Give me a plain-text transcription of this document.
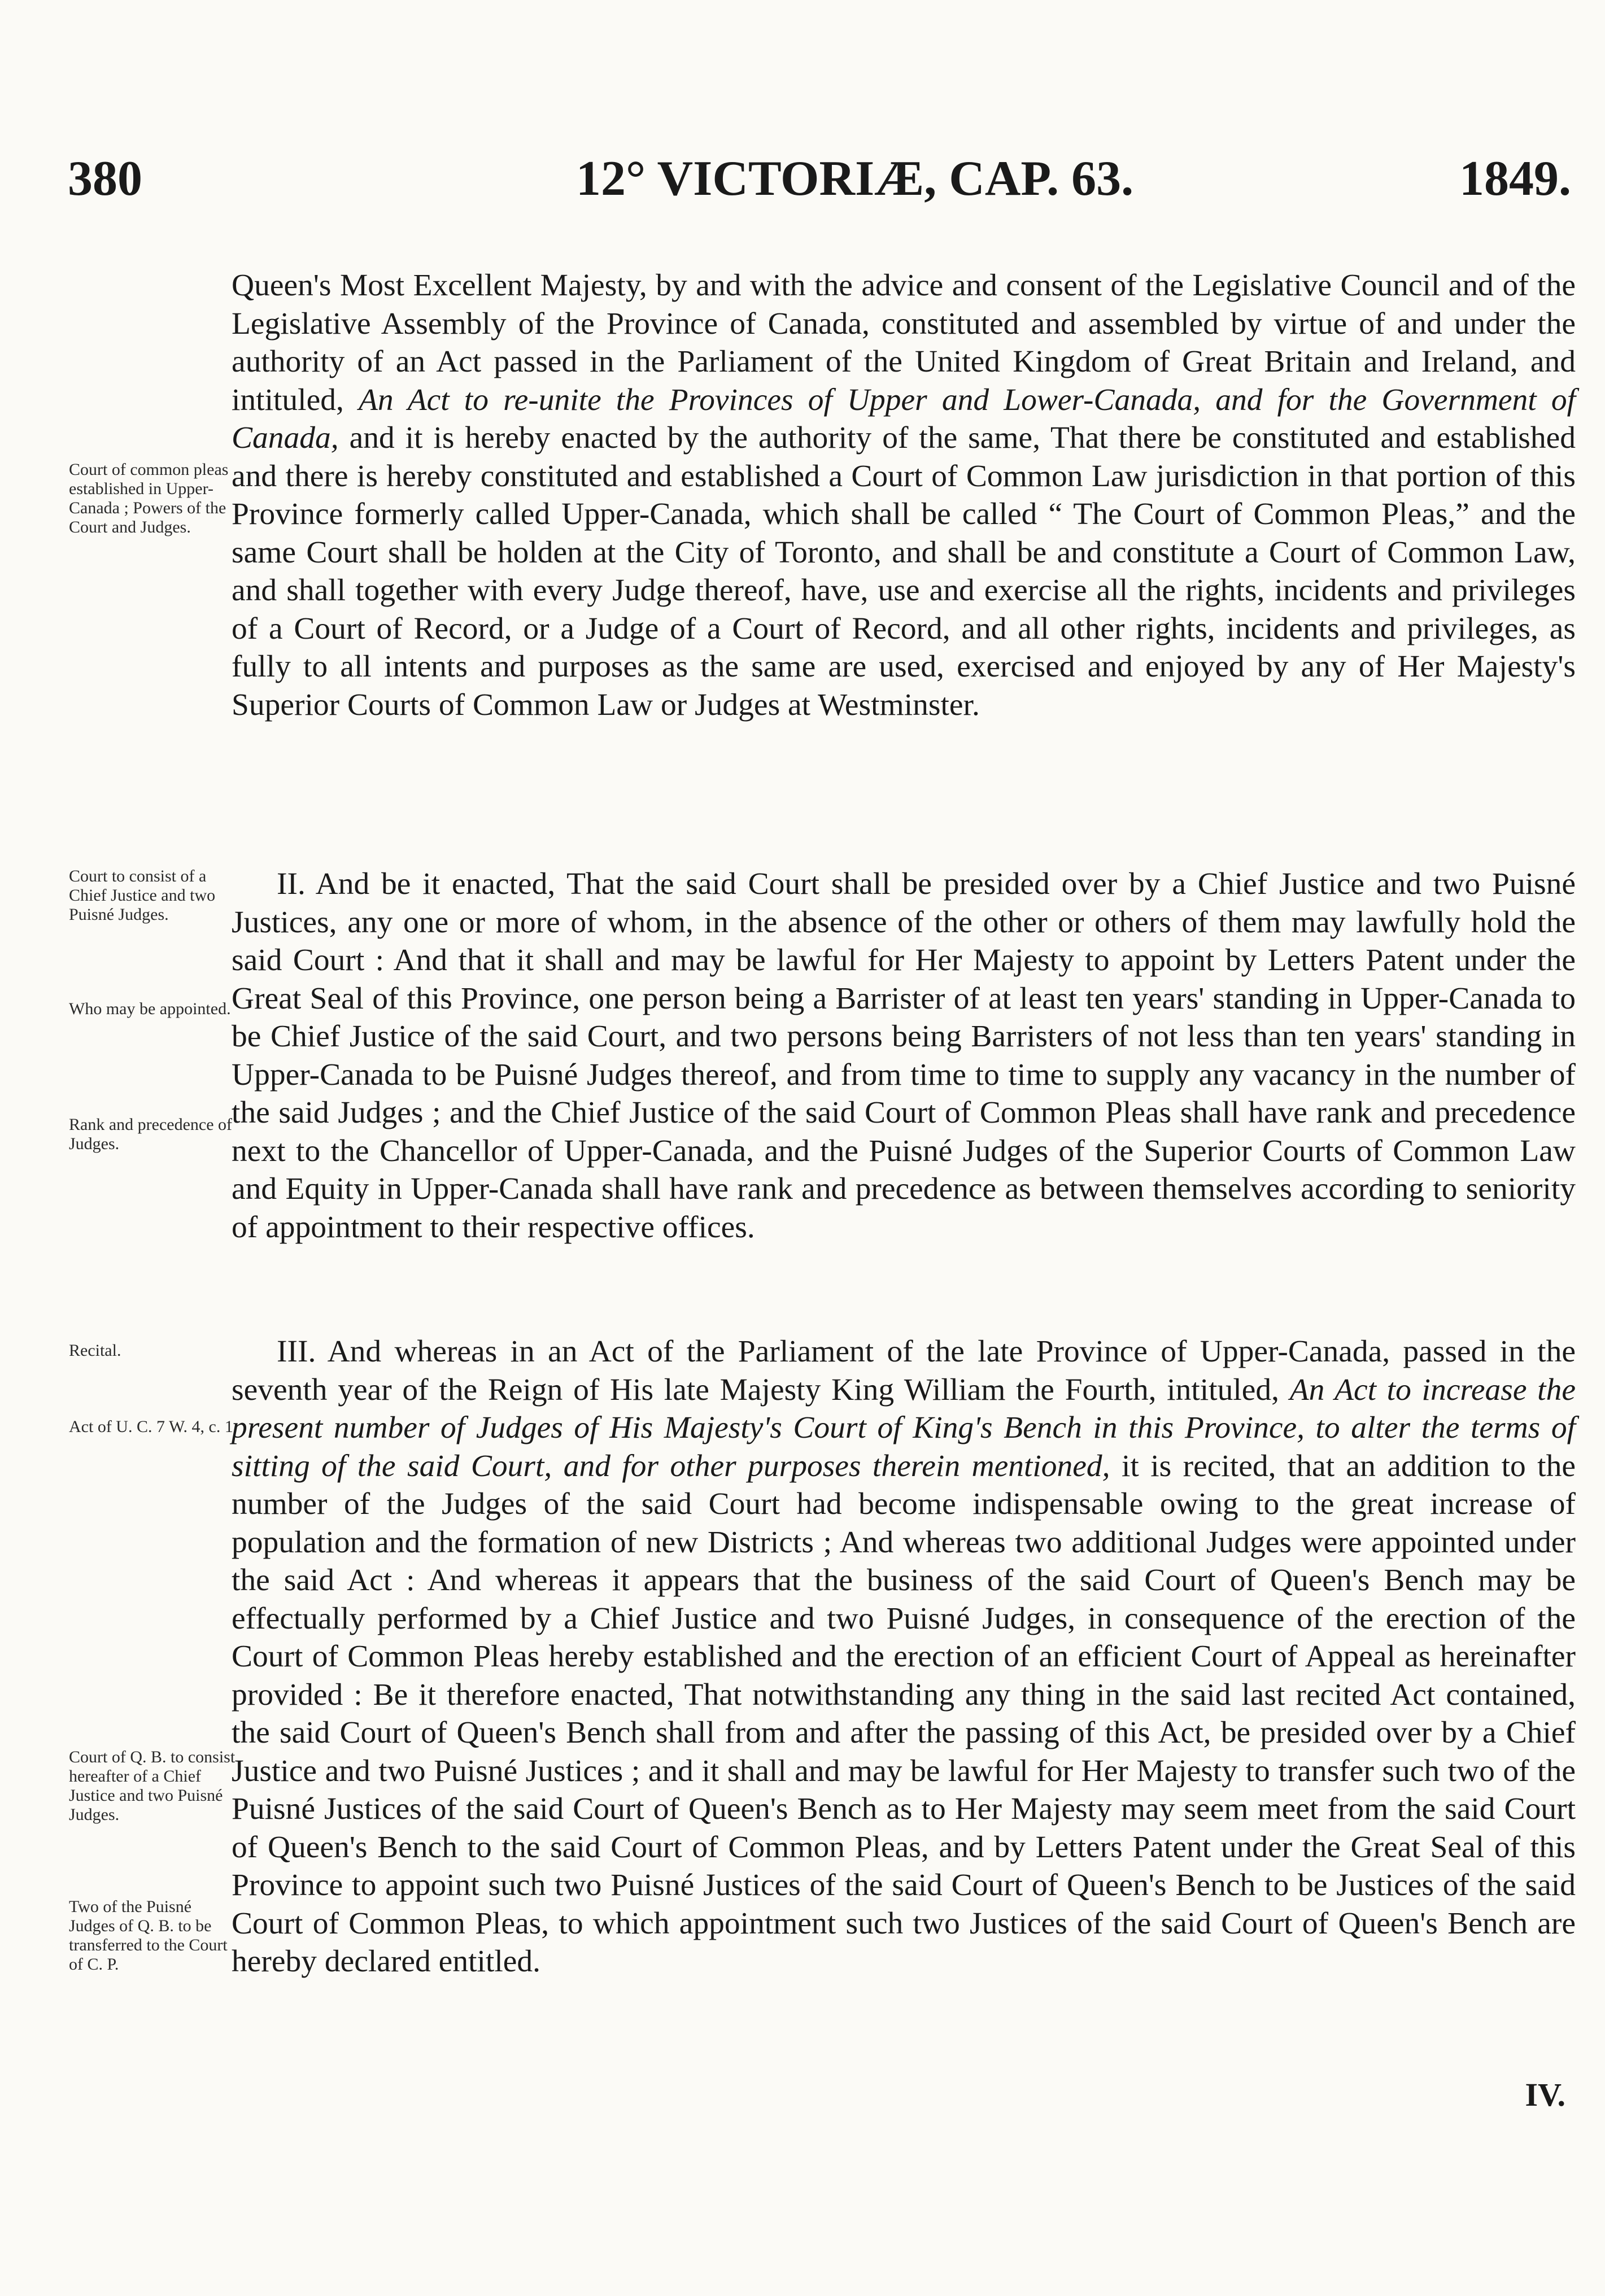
380	12° VICTORIÆ, CAP. 63.	1849.
Court of common pleas established in Upper-Canada ; Powers of the Court and Judges.
Court to consist of a Chief Justice and two Puisné Judges.
Who may be appointed.
Rank and precedence of Judges.
Recital.
Act of U. C. 7 W. 4, c. 1.
Court of Q. B. to consist hereafter of a Chief Justice and two Puisné Judges.
Two of the Puisné Judges of Q. B. to be transferred to the Court of C. P.

Queen's Most Excellent Majesty, by and with the advice and consent of the Legislative Council and of the Legislative Assembly of the Province of Canada, constituted and assembled by virtue of and under the authority of an Act passed in the Parliament of the United Kingdom of Great Britain and Ireland, and intituled, An Act to re-unite the Provinces of Upper and Lower-Canada, and for the Government of Canada, and it is hereby enacted by the authority of the same, That there be constituted and established and there is hereby constituted and established a Court of Common Law jurisdiction in that portion of this Province formerly called Upper-Canada, which shall be called “ The Court of Common Pleas,” and the same Court shall be holden at the City of Toronto, and shall be and constitute a Court of Common Law, and shall together with every Judge thereof, have, use and exercise all the rights, incidents and privileges of a Court of Record, or a Judge of a Court of Record, and all other rights, incidents and privileges, as fully to all intents and purposes as the same are used, exercised and enjoyed by any of Her Majesty's Superior Courts of Common Law or Judges at Westminster.

II. And be it enacted, That the said Court shall be presided over by a Chief Justice and two Puisné Justices, any one or more of whom, in the absence of the other or others of them may lawfully hold the said Court : And that it shall and may be lawful for Her Majesty to appoint by Letters Patent under the Great Seal of this Province, one person being a Barrister of at least ten years' standing in Upper-Canada to be Chief Justice of the said Court, and two persons being Barristers of not less than ten years' standing in Upper-Canada to be Puisné Judges thereof, and from time to time to supply any vacancy in the number of the said Judges ; and the Chief Justice of the said Court of Common Pleas shall have rank and precedence next to the Chancellor of Upper-Canada, and the Puisné Judges of the Superior Courts of Common Law and Equity in Upper-Canada shall have rank and precedence as between themselves according to seniority of appointment to their respective offices.

III. And whereas in an Act of the Parliament of the late Province of Upper-Canada, passed in the seventh year of the Reign of His late Majesty King William the Fourth, intituled, An Act to increase the present number of Judges of His Majesty's Court of King's Bench in this Province, to alter the terms of sitting of the said Court, and for other purposes therein mentioned, it is recited, that an addition to the number of the Judges of the said Court had become indispensable owing to the great increase of population and the formation of new Districts ; And whereas two additional Judges were appointed under the said Act : And whereas it appears that the business of the said Court of Queen's Bench may be effectually performed by a Chief Justice and two Puisné Judges, in consequence of the erection of the Court of Common Pleas hereby established and the erection of an efficient Court of Appeal as hereinafter provided : Be it therefore enacted, That notwithstanding any thing in the said last recited Act contained, the said Court of Queen's Bench shall from and after the passing of this Act, be presided over by a Chief Justice and two Puisné Justices ; and it shall and may be lawful for Her Majesty to transfer such two of the Puisné Justices of the said Court of Queen's Bench as to Her Majesty may seem meet from the said Court of Queen's Bench to the said Court of Common Pleas, and by Letters Patent under the Great Seal of this Province to appoint such two Puisné Justices of the said Court of Queen's Bench to be Justices of the said Court of Common Pleas, to which appointment such two Justices of the said Court of Queen's Bench are hereby declared entitled.

IV.
